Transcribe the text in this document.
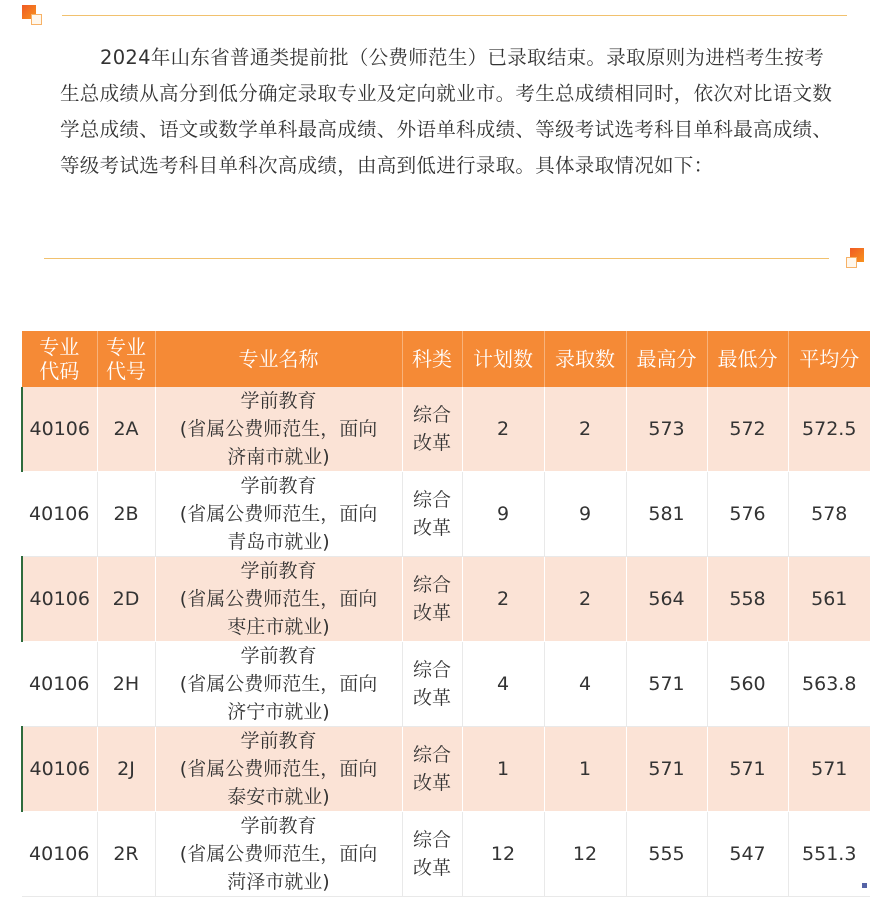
2024年山东省普通类提前批（公费师范生）已录取结束。录取原则为进档考生按考生总成绩从高分到低分确定录取专业及定向就业市。考生总成绩相同时，依次对比语文数学总成绩、语文或数学单科最高成绩、外语单科成绩、等级考试选考科目单科最高成绩、等级考试选考科目单科次高成绩，由高到低进行录取。具体录取情况如下：

专业代码	专业代号	专业名称	科类	计划数	录取数	最高分	最低分	平均分
40106	2A	学前教育
(省属公费师范生，面向
济南市就业)	综合改革	2	2	573	572	572.5
40106	2B	学前教育
(省属公费师范生，面向
青岛市就业)	综合改革	9	9	581	576	578
40106	2D	学前教育
(省属公费师范生，面向
枣庄市就业)	综合改革	2	2	564	558	561
40106	2H	学前教育
(省属公费师范生，面向
济宁市就业)	综合改革	4	4	571	560	563.8
40106	2J	学前教育
(省属公费师范生，面向
泰安市就业)	综合改革	1	1	571	571	571
40106	2R	学前教育
(省属公费师范生，面向
菏泽市就业)	综合改革	12	12	555	547	551.3
